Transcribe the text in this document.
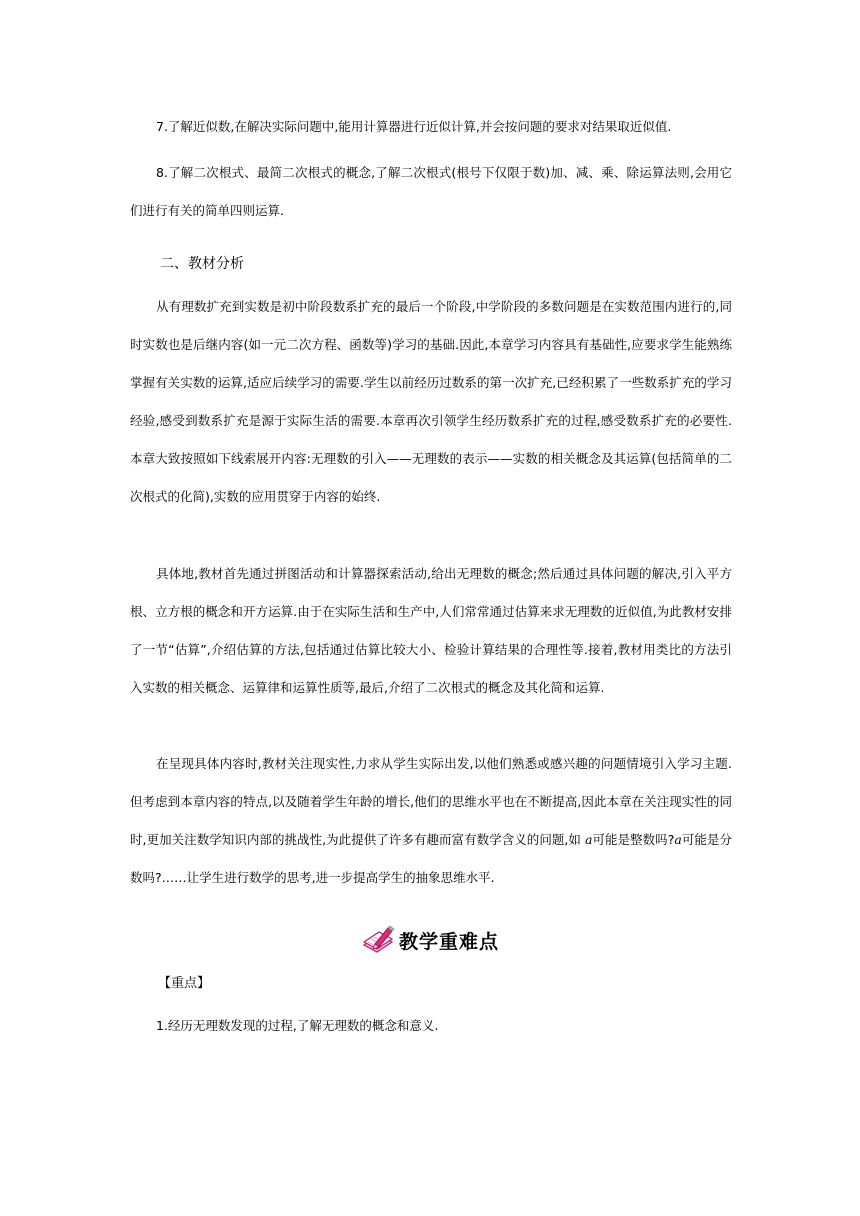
7.了解近似数,在解决实际问题中,能用计算器进行近似计算,并会按问题的要求对结果取近似值.

8.了解二次根式、最简二次根式的概念,了解二次根式(根号下仅限于数)加、减、乘、除运算法则,会用它们进行有关的简单四则运算.

二、教材分析

从有理数扩充到实数是初中阶段数系扩充的最后一个阶段,中学阶段的多数问题是在实数范围内进行的,同时实数也是后继内容(如一元二次方程、函数等)学习的基础.因此,本章学习内容具有基础性,应要求学生能熟练掌握有关实数的运算,适应后续学习的需要.学生以前经历过数系的第一次扩充,已经积累了一些数系扩充的学习经验,感受到数系扩充是源于实际生活的需要.本章再次引领学生经历数系扩充的过程,感受数系扩充的必要性.本章大致按照如下线索展开内容:无理数的引入——无理数的表示——实数的相关概念及其运算(包括简单的二次根式的化简),实数的应用贯穿于内容的始终.

具体地,教材首先通过拼图活动和计算器探索活动,给出无理数的概念;然后通过具体问题的解决,引入平方根、立方根的概念和开方运算.由于在实际生活和生产中,人们常常通过估算来求无理数的近似值,为此教材安排了一节“估算”,介绍估算的方法,包括通过估算比较大小、检验计算结果的合理性等.接着,教材用类比的方法引入实数的相关概念、运算律和运算性质等,最后,介绍了二次根式的概念及其化简和运算.

在呈现具体内容时,教材关注现实性,力求从学生实际出发,以他们熟悉或感兴趣的问题情境引入学习主题.但考虑到本章内容的特点,以及随着学生年龄的增长,他们的思维水平也在不断提高,因此本章在关注现实性的同时,更加关注数学知识内部的挑战性,为此提供了许多有趣而富有数学含义的问题,如 a可能是整数吗?a可能是分数吗?……让学生进行数学的思考,进一步提高学生的抽象思维水平.

教学重难点

【重点】

1.经历无理数发现的过程,了解无理数的概念和意义.
